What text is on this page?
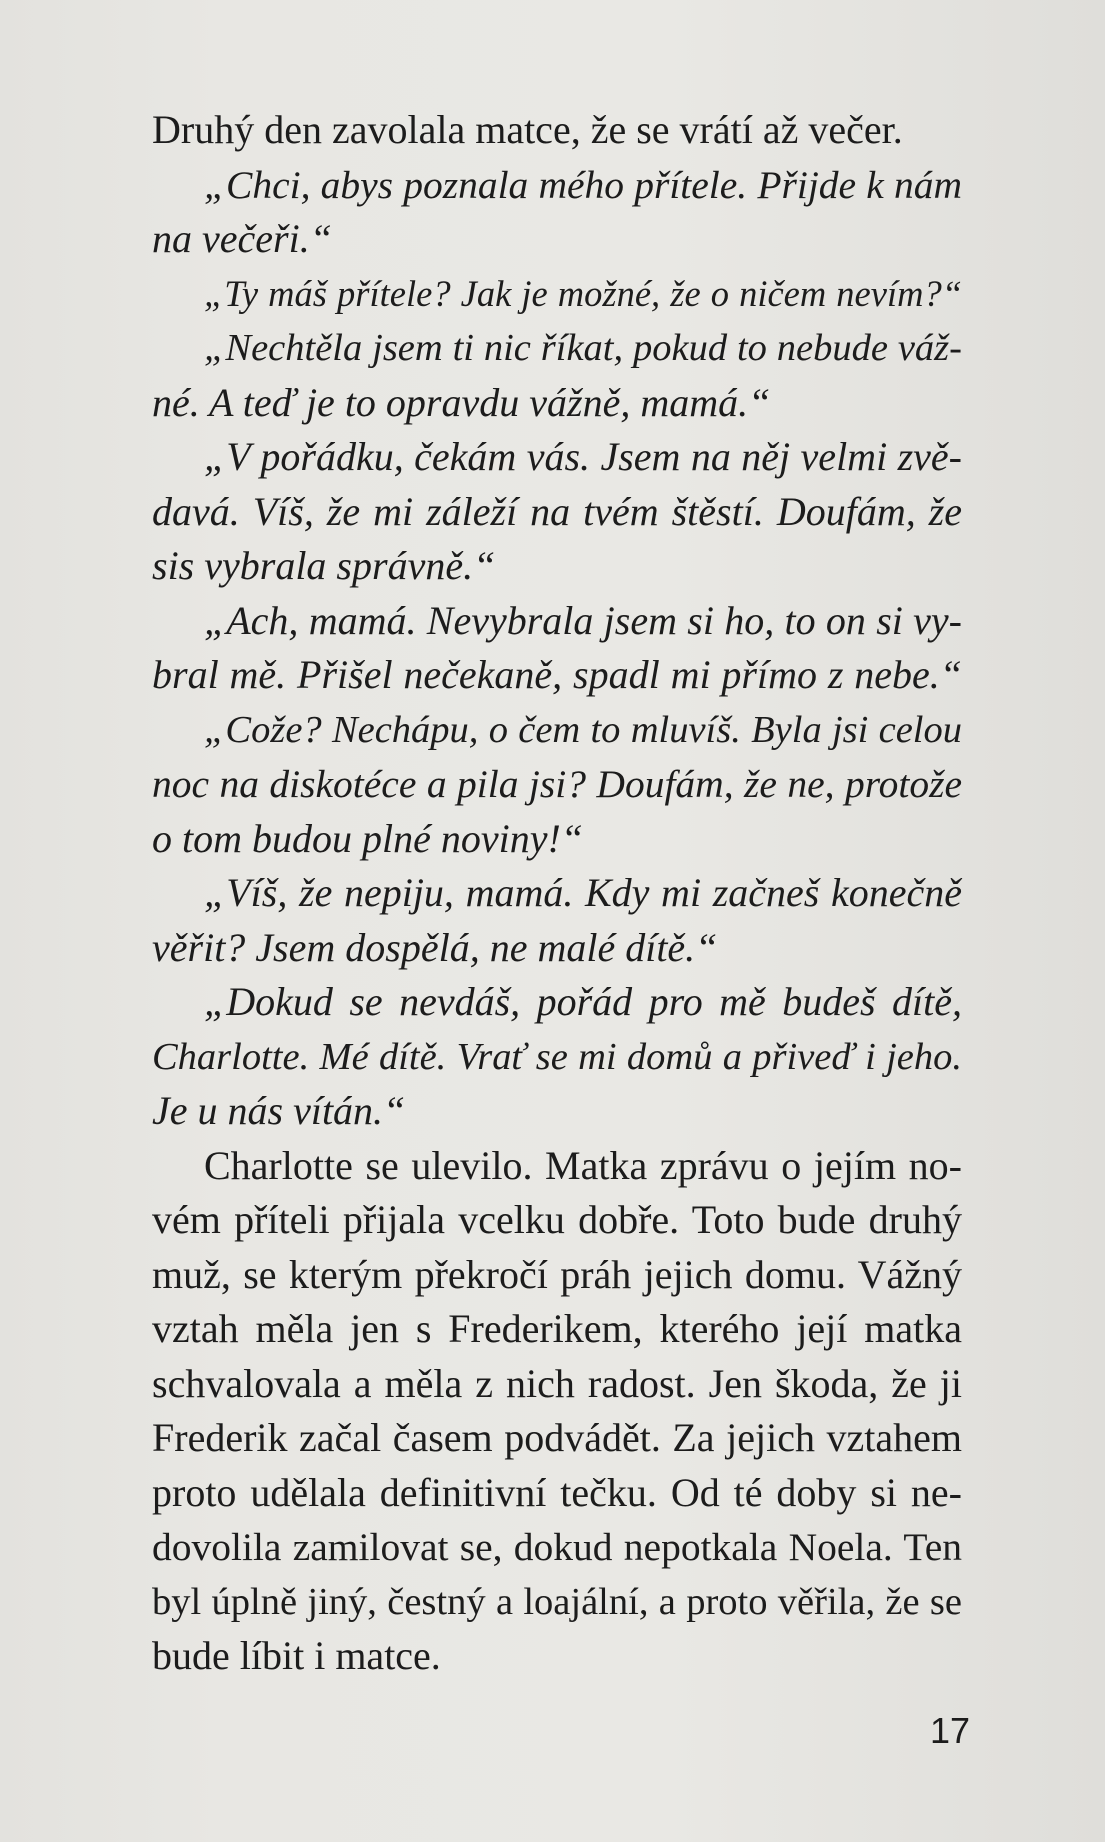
Druhý den zavolala matce, že se vrátí až večer.
„Chci, abys poznala mého přítele. Přijde k nám
na večeři.“
„Ty máš přítele? Jak je možné, že o ničem nevím?“
„Nechtěla jsem ti nic říkat, pokud to nebude váž-
né. A teď je to opravdu vážně, mamá.“
„V pořádku, čekám vás. Jsem na něj velmi zvě-
davá. Víš, že mi záleží na tvém štěstí. Doufám, že
sis vybrala správně.“
„Ach, mamá. Nevybrala jsem si ho, to on si vy-
bral mě. Přišel nečekaně, spadl mi přímo z nebe.“
„Cože? Nechápu, o čem to mluvíš. Byla jsi celou
noc na diskotéce a pila jsi? Doufám, že ne, protože
o tom budou plné noviny!“
„Víš, že nepiju, mamá. Kdy mi začneš konečně
věřit? Jsem dospělá, ne malé dítě.“
„Dokud se nevdáš, pořád pro mě budeš dítě,
Charlotte. Mé dítě. Vrať se mi domů a přiveď i jeho.
Je u nás vítán.“
Charlotte se ulevilo. Matka zprávu o jejím no-
vém příteli přijala vcelku dobře. Toto bude druhý
muž, se kterým překročí práh jejich domu. Vážný
vztah měla jen s Frederikem, kterého její matka
schvalovala a měla z nich radost. Jen škoda, že ji
Frederik začal časem podvádět. Za jejich vztahem
proto udělala definitivní tečku. Od té doby si ne-
dovolila zamilovat se, dokud nepotkala Noela. Ten
byl úplně jiný, čestný a loajální, a proto věřila, že se
bude líbit i matce.
17
